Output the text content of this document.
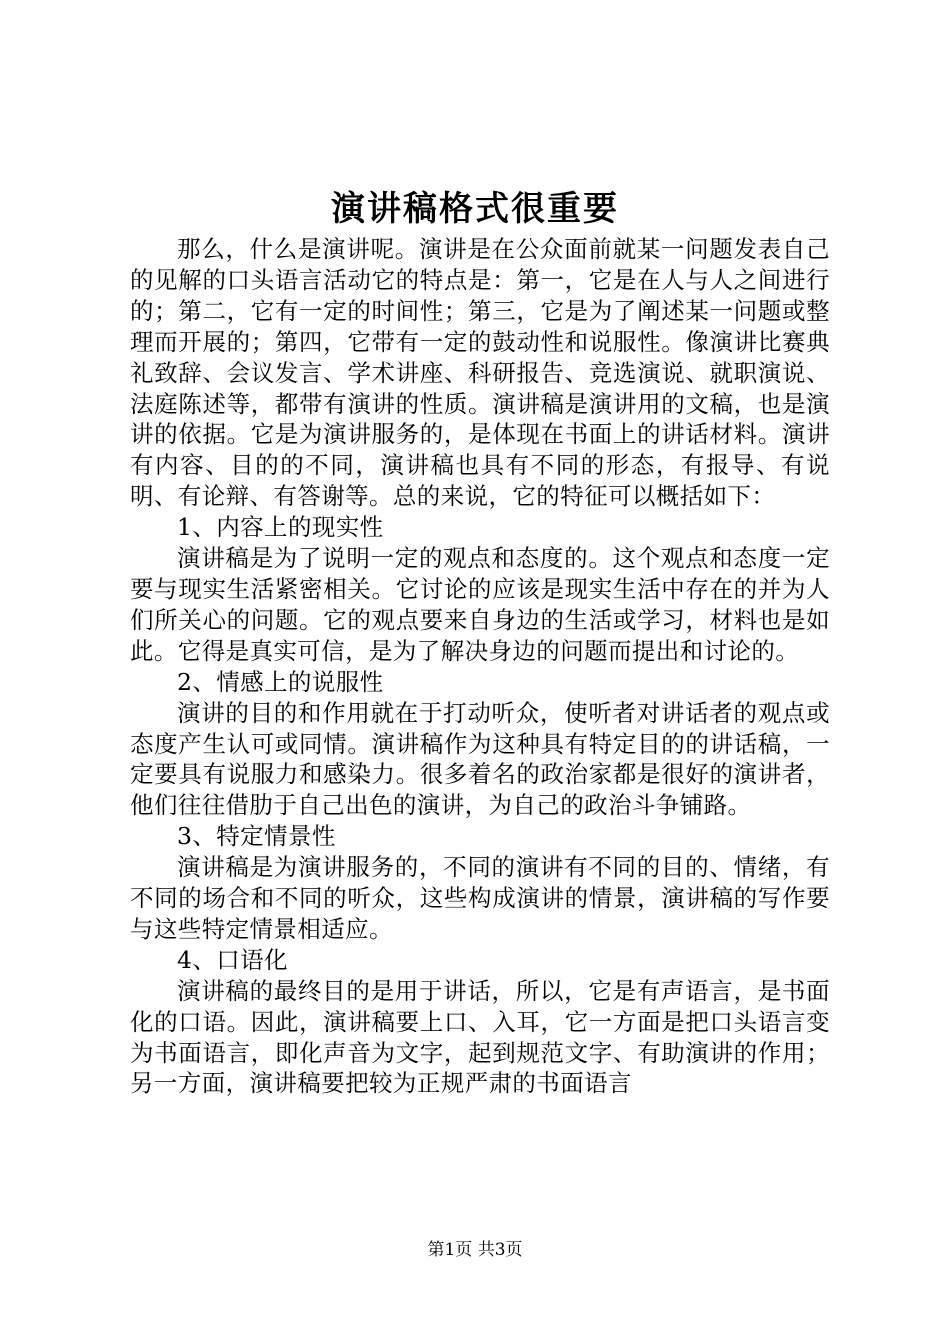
演讲稿格式很重要

那么，什么是演讲呢。演讲是在公众面前就某一问题发表自己的见解的口头语言活动它的特点是：第一，它是在人与人之间进行的；第二，它有一定的时间性；第三，它是为了阐述某一问题或整理而开展的；第四，它带有一定的鼓动性和说服性。像演讲比赛典礼致辞、会议发言、学术讲座、科研报告、竞选演说、就职演说、法庭陈述等，都带有演讲的性质。演讲稿是演讲用的文稿，也是演讲的依据。它是为演讲服务的，是体现在书面上的讲话材料。演讲有内容、目的的不同，演讲稿也具有不同的形态，有报导、有说明、有论辩、有答谢等。总的来说，它的特征可以概括如下：

1、内容上的现实性

演讲稿是为了说明一定的观点和态度的。这个观点和态度一定要与现实生活紧密相关。它讨论的应该是现实生活中存在的并为人们所关心的问题。它的观点要来自身边的生活或学习，材料也是如此。它得是真实可信，是为了解决身边的问题而提出和讨论的。

2、情感上的说服性

演讲的目的和作用就在于打动听众，使听者对讲话者的观点或态度产生认可或同情。演讲稿作为这种具有特定目的的讲话稿，一定要具有说服力和感染力。很多着名的政治家都是很好的演讲者，他们往往借肋于自己出色的演讲，为自己的政治斗争铺路。

3、特定情景性

演讲稿是为演讲服务的，不同的演讲有不同的目的、情绪，有不同的场合和不同的听众，这些构成演讲的情景，演讲稿的写作要与这些特定情景相适应。

4、口语化

演讲稿的最终目的是用于讲话，所以，它是有声语言，是书面化的口语。因此，演讲稿要上口、入耳，它一方面是把口头语言变为书面语言，即化声音为文字，起到规范文字、有助演讲的作用；另一方面，演讲稿要把较为正规严肃的书面语言

第1页 共3页
